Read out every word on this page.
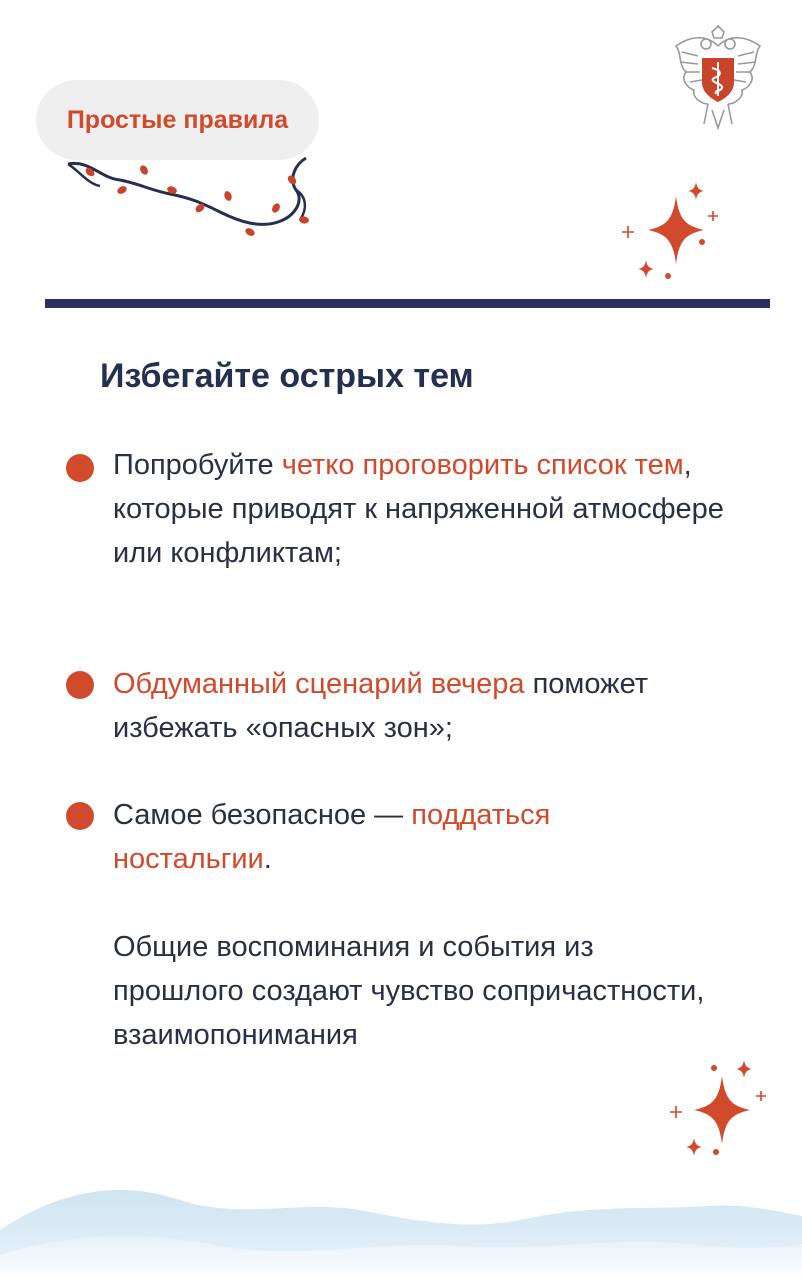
Простые правила
Избегайте острых тем
Попробуйте четко проговорить список тем, которые приводят к напряженной атмосфере или конфликтам;
Обдуманный сценарий вечера поможет избежать «опасных зон»;
Самое безопасное — поддаться ностальгии.
Общие воспоминания и события из прошлого создают чувство сопричастности, взаимопонимания
